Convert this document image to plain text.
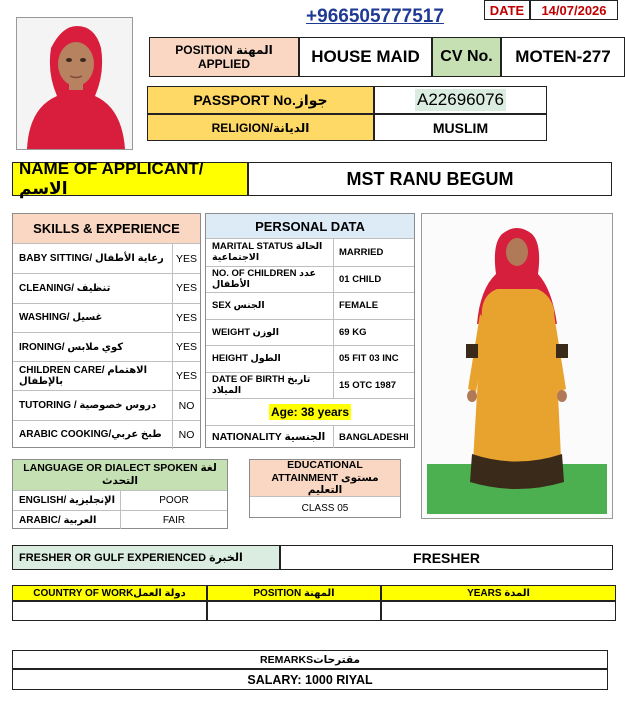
+966505777517	DATE	14/07/2026
POSITION المهنة APPLIED	HOUSE MAID	CV No.	MOTEN-277
PASSPORT No.جواز	A22696076
RELIGION/الديانة	MUSLIM
NAME OF APPLICANT/ الاسم	MST RANU BEGUM
SKILLS & EXPERIENCE
BABY SITTING/ رعاية الأطفال	YES
CLEANING/ تنظيف	YES
WASHING/ غسيل	YES
IRONING/ كوي ملابس	YES
CHILDREN CARE/ الاهتمام بالإطفال	YES
TUTORING / دروس خصوصية	NO
ARABIC COOKING/طبخ عربي	NO
PERSONAL DATA
MARITAL STATUS الحالة الاجتماعية	MARRIED
NO. OF CHILDREN عدد الأطفال	01 CHILD
SEX الجنس	FEMALE
WEIGHT الوزن	69 KG
HEIGHT الطول	05 FIT 03 INC
DATE OF BIRTH تاريخ الميلاد	15 OTC 1987
Age: 38 years
NATIONALITY الجنسية	BANGLADESHI
LANGUAGE OR DIALECT SPOKEN لغة التحدث
ENGLISH/ الإنجليزية	POOR
ARABIC/ العربية	FAIR
EDUCATIONAL ATTAINMENT مستوى التعليم
CLASS 05
FRESHER OR GULF EXPERIENCED الخبرة	FRESHER
COUNTRY OF WORKدولة العمل	POSITION المهنة	YEARS المدة
REMARKSمقترحات
SALARY: 1000 RIYAL
